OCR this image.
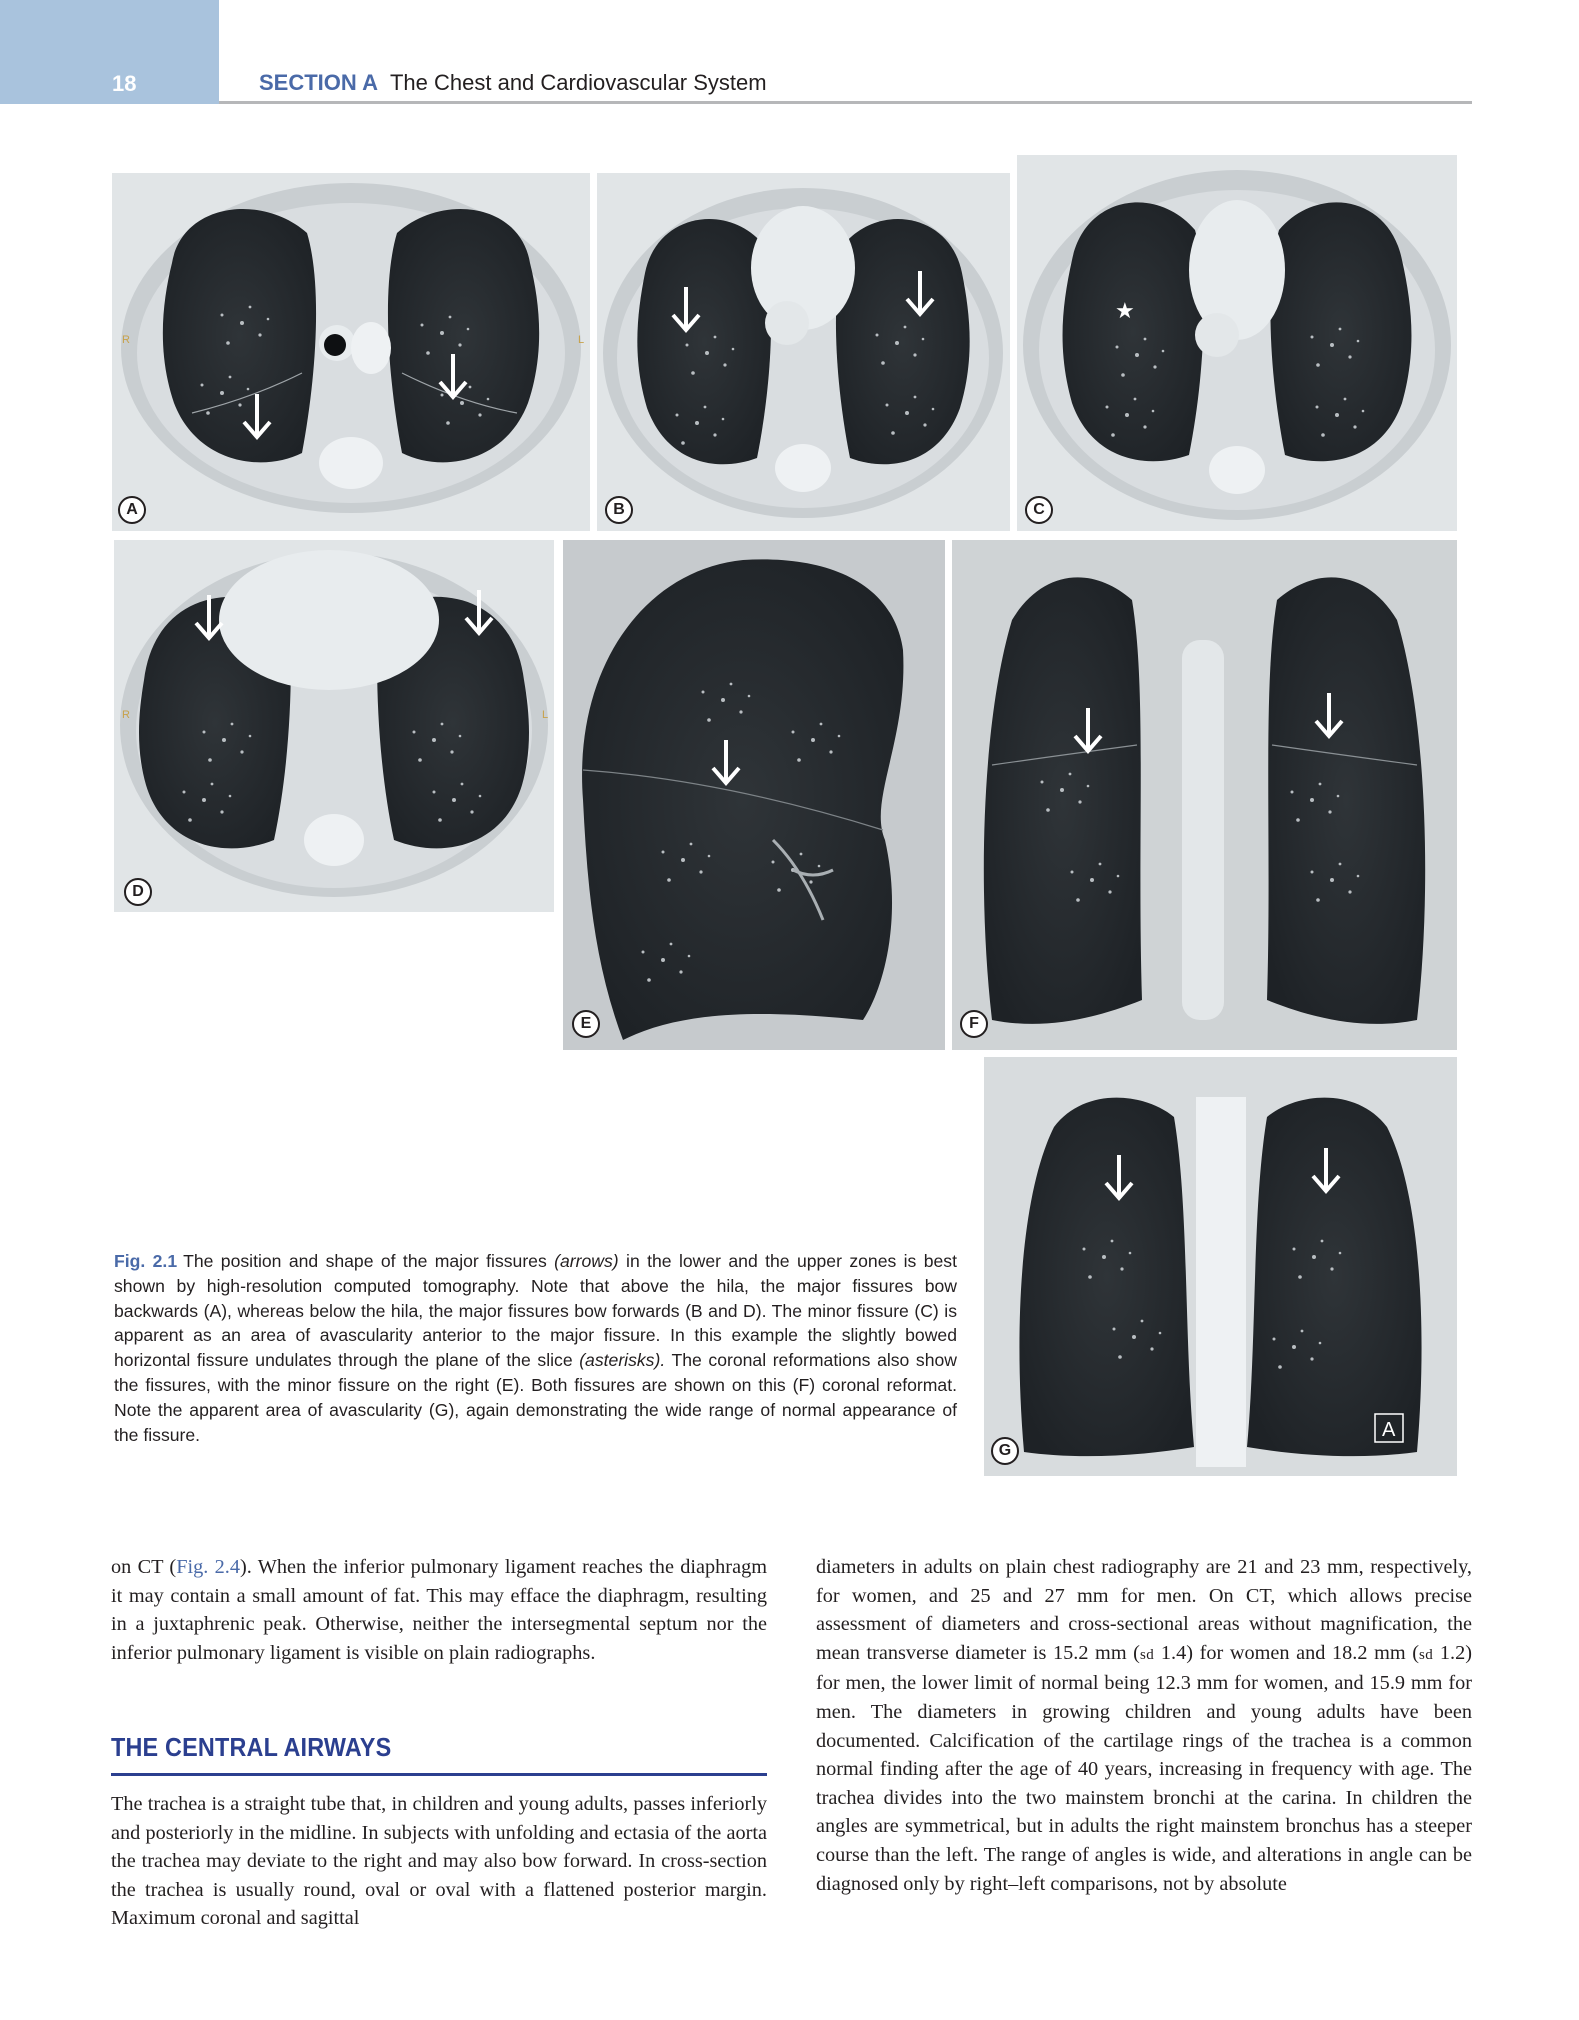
18	SECTION A The Chest and Cardiovascular System
R	L
A	B
★
C
R	L
D
E	F
A
G
Fig. 2.1 The position and shape of the major fissures (arrows) in the lower and the upper zones is best shown by high-resolution computed tomography. Note that above the hila, the major fissures bow backwards (A), whereas below the hila, the major fissures bow forwards (B and D). The minor fissure (C) is apparent as an area of avascularity anterior to the major fissure. In this example the slightly bowed horizontal fissure undulates through the plane of the slice (asterisks). The coronal reformations also show the fissures, with the minor fissure on the right (E). Both fissures are shown on this (F) coronal reformat. Note the apparent area of avascularity (G), again demonstrating the wide range of normal appearance of the fissure.

on CT (Fig. 2.4). When the inferior pulmonary ligament reaches the diaphragm it may contain a small amount of fat. This may efface the diaphragm, resulting in a juxtaphrenic peak. Otherwise, neither the intersegmental septum nor the inferior pulmonary ligament is visible on plain radiographs.

THE CENTRAL AIRWAYS

The trachea is a straight tube that, in children and young adults, passes inferiorly and posteriorly in the midline. In subjects with unfolding and ectasia of the aorta the trachea may deviate to the right and may also bow forward. In cross-section the trachea is usually round, oval or oval with a flattened posterior margin. Maximum coronal and sagittal

diameters in adults on plain chest radiography are 21 and 23 mm, respectively, for women, and 25 and 27 mm for men. On CT, which allows precise assessment of diameters and cross-sectional areas without magnification, the mean transverse diameter is 15.2 mm (sd 1.4) for women and 18.2 mm (sd 1.2) for men, the lower limit of normal being 12.3 mm for women, and 15.9 mm for men. The diameters in growing children and young adults have been documented. Calcification of the cartilage rings of the trachea is a common normal finding after the age of 40 years, increasing in frequency with age. The trachea divides into the two mainstem bronchi at the carina. In children the angles are symmetrical, but in adults the right mainstem bronchus has a steeper course than the left. The range of angles is wide, and alterations in angle can be diagnosed only by right–left comparisons, not by absolute
